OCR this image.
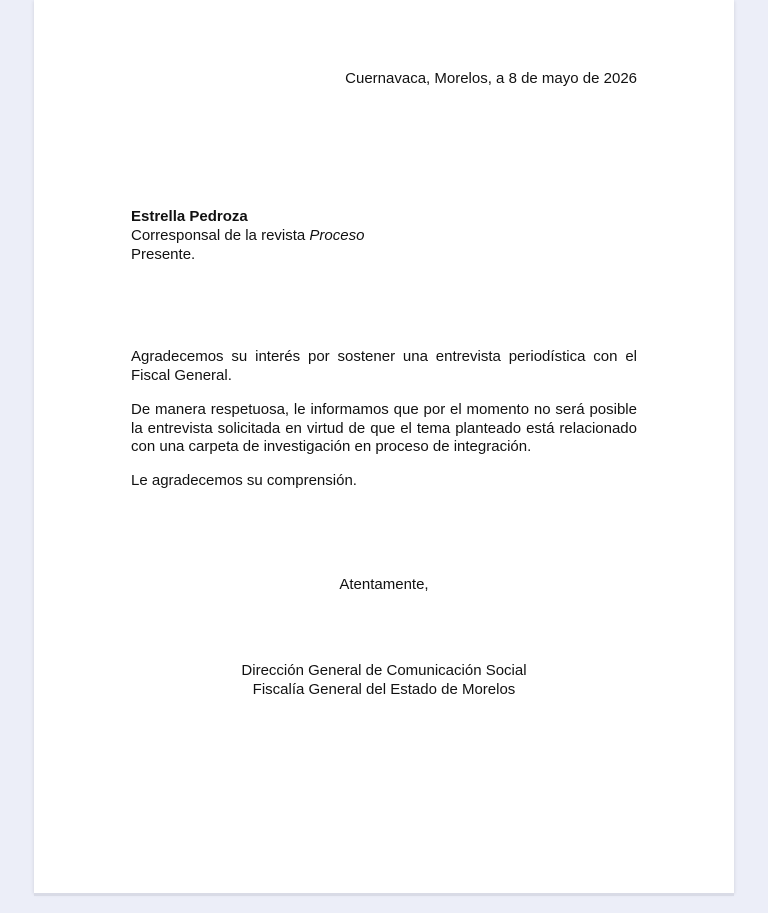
Cuernavaca, Morelos, a 8 de mayo de 2026
Estrella Pedroza
Corresponsal de la revista Proceso
Presente.
Agradecemos su interés por sostener una entrevista periodística con el Fiscal General.
De manera respetuosa, le informamos que por el momento no será posible la entrevista solicitada en virtud de que el tema planteado está relacionado con una carpeta de investigación en proceso de integración.
Le agradecemos su comprensión.
Atentamente,
Dirección General de Comunicación Social
Fiscalía General del Estado de Morelos
